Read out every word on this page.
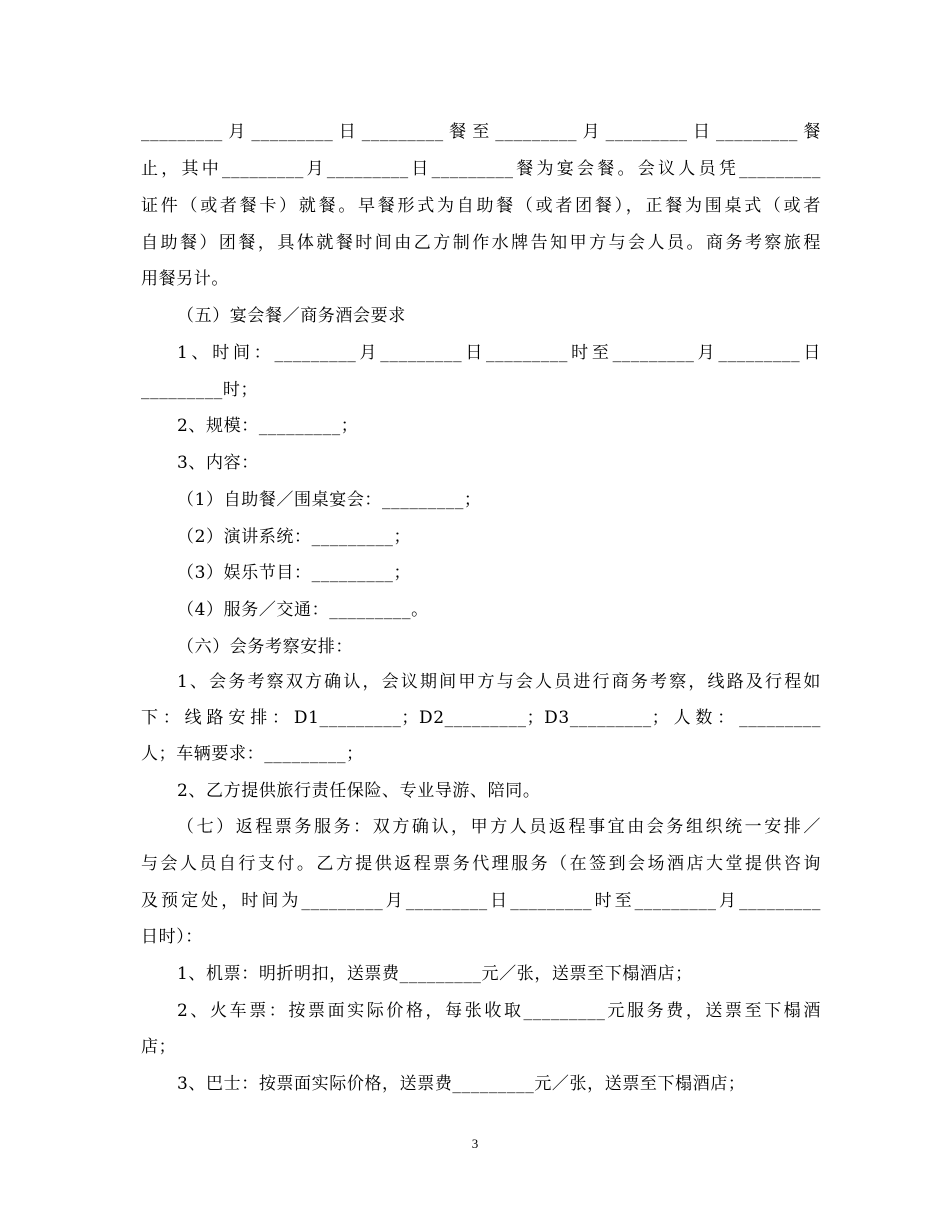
_________月_________日_________餐至_________月_________日_________餐
止，其中_________月_________日_________餐为宴会餐。会议人员凭_________
证件（或者餐卡）就餐。早餐形式为自助餐（或者团餐），正餐为围桌式（或者
自助餐）团餐，具体就餐时间由乙方制作水牌告知甲方与会人员。商务考察旅程
用餐另计。
（五）宴会餐／商务酒会要求
1、时间：_________月_________日_________时至_________月_________日
_________时；
2、规模：_________；
3、内容：
（1）自助餐／围桌宴会：_________；
（2）演讲系统：_________；
（3）娱乐节目：_________；
（4）服务／交通：_________。
（六）会务考察安排：
1、会务考察双方确认，会议期间甲方与会人员进行商务考察，线路及行程如
下：线路安排：D1_________；D2_________；D3_________；人数：_________
人；车辆要求：_________；
2、乙方提供旅行责任保险、专业导游、陪同。
（七）返程票务服务：双方确认，甲方人员返程事宜由会务组织统一安排／
与会人员自行支付。乙方提供返程票务代理服务（在签到会场酒店大堂提供咨询
及预定处，时间为_________月_________日_________时至_________月_________
日时）：
1、机票：明折明扣，送票费_________元／张，送票至下榻酒店；
2、火车票：按票面实际价格，每张收取_________元服务费，送票至下榻酒
店；
3、巴士：按票面实际价格，送票费_________元／张，送票至下榻酒店；
3
